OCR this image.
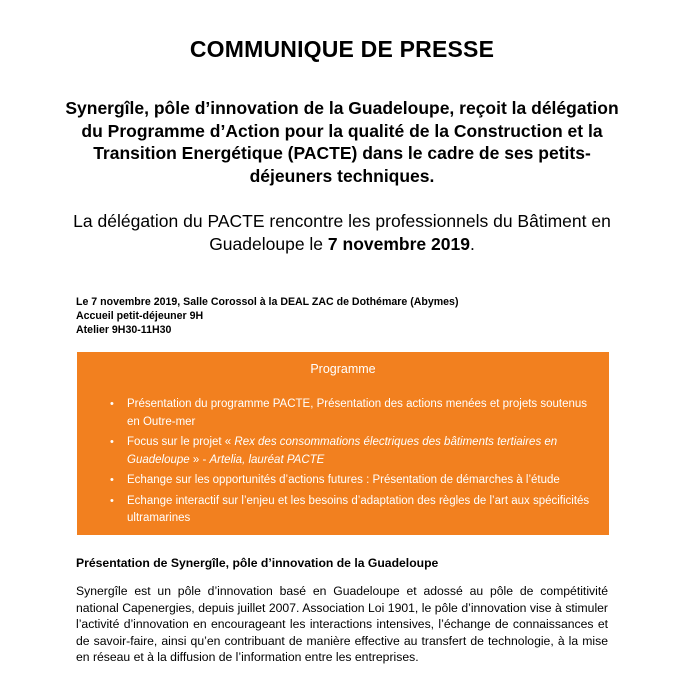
COMMUNIQUE DE PRESSE
Synergîle, pôle d’innovation de la Guadeloupe, reçoit la délégation du Programme d’Action pour la qualité de la Construction et la Transition Energétique (PACTE) dans le cadre de ses petits-déjeuners techniques.
La délégation du PACTE rencontre les professionnels du Bâtiment en Guadeloupe le 7 novembre 2019.
Le 7 novembre 2019, Salle Corossol à la DEAL ZAC de Dothémare (Abymes)
Accueil petit-déjeuner 9H
Atelier 9H30-11H30
Programme
• Présentation du programme PACTE, Présentation des actions menées et projets soutenus en Outre-mer
• Focus sur le projet « Rex des consommations électriques des bâtiments tertiaires en Guadeloupe » - Artelia, lauréat PACTE
• Echange sur les opportunités d’actions futures : Présentation de démarches à l’étude
• Echange interactif sur l’enjeu et les besoins d’adaptation des règles de l’art aux spécificités ultramarines
Présentation de Synergîle, pôle d’innovation de la Guadeloupe
Synergîle est un pôle d’innovation basé en Guadeloupe et adossé au pôle de compétitivité national Capenergies, depuis juillet 2007. Association Loi 1901, le pôle d’innovation vise à stimuler l’activité d’innovation en encourageant les interactions intensives, l’échange de connaissances et de savoir-faire, ainsi qu’en contribuant de manière effective au transfert de technologie, à la mise en réseau et à la diffusion de l’information entre les entreprises.
